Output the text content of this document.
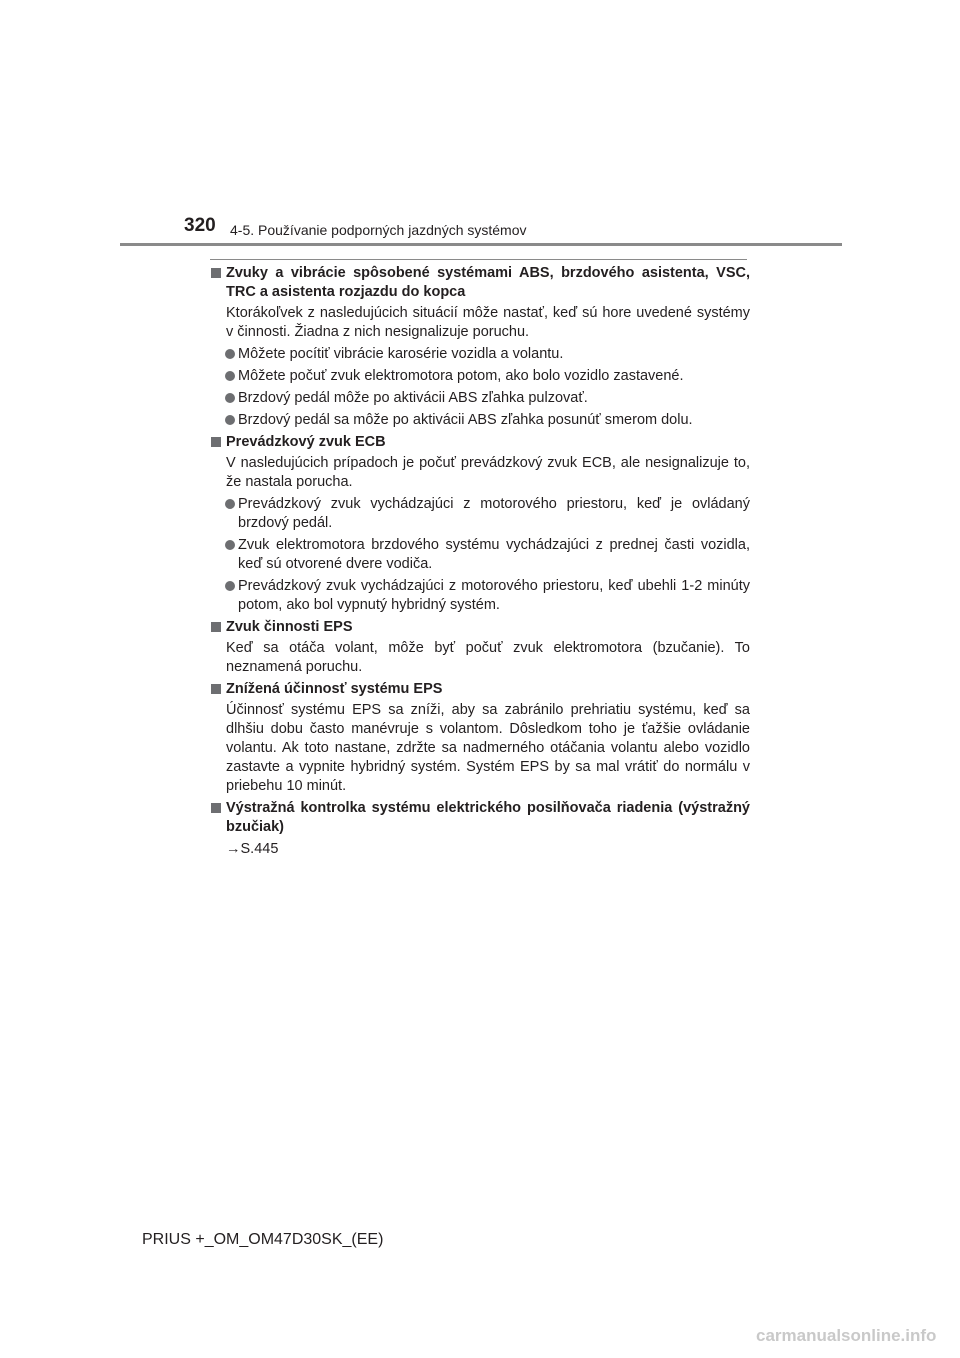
320 4-5. Používanie podporných jazdných systémov
Zvuky a vibrácie spôsobené systémami ABS, brzdového asistenta, VSC, TRC a asistenta rozjazdu do kopca
Ktorákoľvek z nasledujúcich situácií môže nastať, keď sú hore uvedené systémy v činnosti. Žiadna z nich nesignalizuje poruchu.
Môžete pocítiť vibrácie karosérie vozidla a volantu.
Môžete počuť zvuk elektromotora potom, ako bolo vozidlo zastavené.
Brzdový pedál môže po aktivácii ABS zľahka pulzovať.
Brzdový pedál sa môže po aktivácii ABS zľahka posunúť smerom dolu.
Prevádzkový zvuk ECB
V nasledujúcich prípadoch je počuť prevádzkový zvuk ECB, ale nesignalizuje to, že nastala porucha.
Prevádzkový zvuk vychádzajúci z motorového priestoru, keď je ovládaný brzdový pedál.
Zvuk elektromotora brzdového systému vychádzajúci z prednej časti vozidla, keď sú otvorené dvere vodiča.
Prevádzkový zvuk vychádzajúci z motorového priestoru, keď ubehli 1-2 minúty potom, ako bol vypnutý hybridný systém.
Zvuk činnosti EPS
Keď sa otáča volant, môže byť počuť zvuk elektromotora (bzučanie). To neznamená poruchu.
Znížená účinnosť systému EPS
Účinnosť systému EPS sa zníži, aby sa zabránilo prehriatiu systému, keď sa dlhšiu dobu často manévruje s volantom. Dôsledkom toho je ťažšie ovládanie volantu. Ak toto nastane, zdržte sa nadmerného otáčania volantu alebo vozidlo zastavte a vypnite hybridný systém. Systém EPS by sa mal vrátiť do normálu v priebehu 10 minút.
Výstražná kontrolka systému elektrického posilňovača riadenia (výstražný bzučiak)
→S.445
PRIUS +_OM_OM47D30SK_(EE)
carmanualsonline.info
